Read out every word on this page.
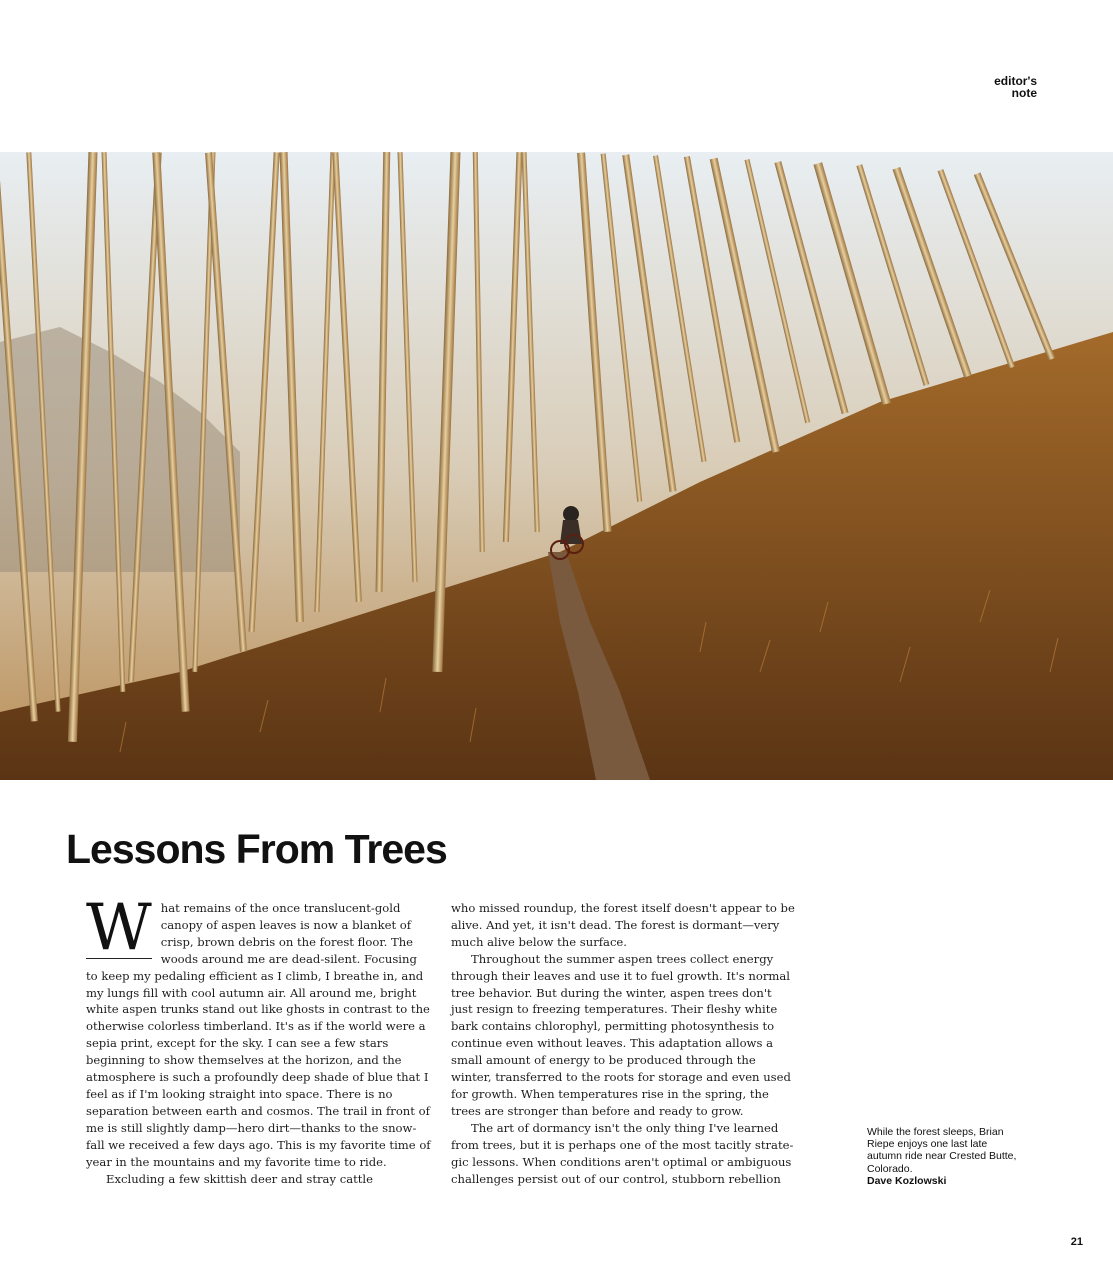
editor's
note
Lessons From Trees

W hat remains of the once translucent-gold canopy of aspen leaves is now a blanket of crisp, brown debris on the forest floor. The woods around me are dead-silent. Focusing to keep my pedaling efficient as I climb, I breathe in, and my lungs fill with cool autumn air. All around me, bright white aspen trunks stand out like ghosts in contrast to the otherwise colorless timberland. It's as if the world were a sepia print, except for the sky. I can see a few stars beginning to show themselves at the horizon, and the atmosphere is such a profoundly deep shade of blue that I feel as if I'm looking straight into space. There is no separation between earth and cosmos. The trail in front of me is still slightly damp—hero dirt—thanks to the snow-fall we received a few days ago. This is my favorite time of year in the mountains and my favorite time to ride.

Excluding a few skittish deer and stray cattle

who missed roundup, the forest itself doesn't appear to be alive. And yet, it isn't dead. The forest is dormant—very much alive below the surface.

Throughout the summer aspen trees collect energy through their leaves and use it to fuel growth. It's normal tree behavior. But during the winter, aspen trees don't just resign to freezing temperatures. Their fleshy white bark contains chlorophyl, permitting photosynthesis to continue even without leaves. This adaptation allows a small amount of energy to be produced through the winter, transferred to the roots for storage and even used for growth. When temperatures rise in the spring, the trees are stronger than before and ready to grow.

The art of dormancy isn't the only thing I've learned from trees, but it is perhaps one of the most tacitly strate-gic lessons. When conditions aren't optimal or ambiguous challenges persist out of our control, stubborn rebellion

While the forest sleeps, Brian Riepe enjoys one last late autumn ride near Crested Butte, Colorado.
Dave Kozlowski
21
